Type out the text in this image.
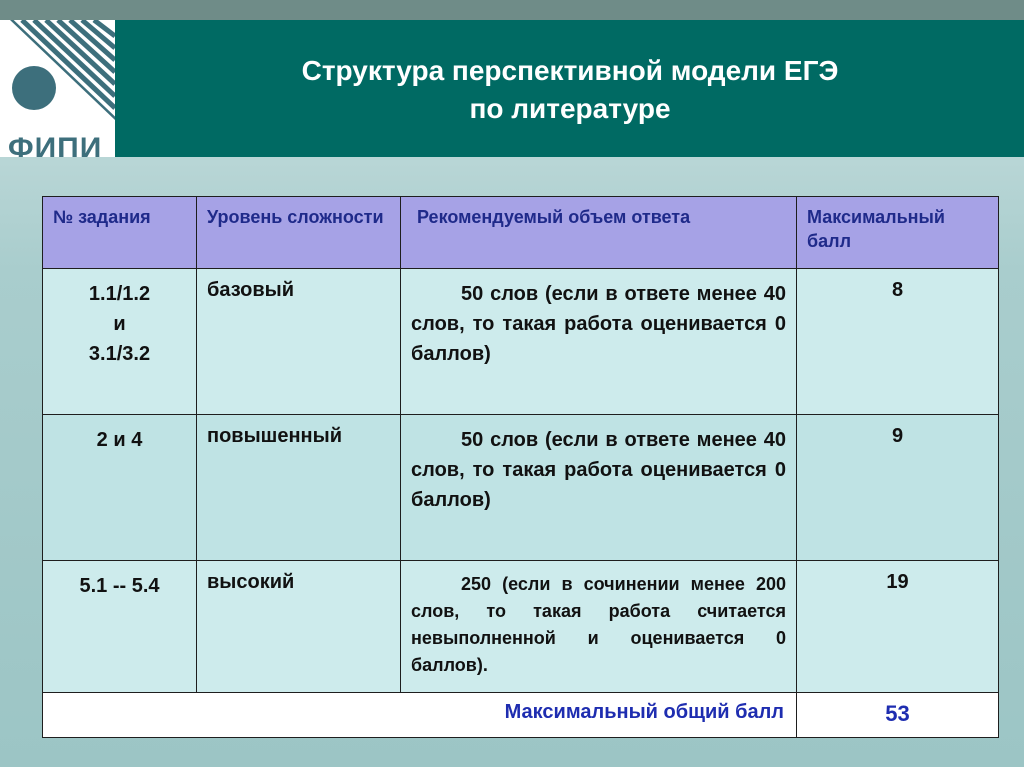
ФИПИ
Структура перспективной модели ЕГЭ
по литературе
№ задания	Уровень сложности	Рекомендуемый объем ответа	Максимальный балл

1.1/1.2
и
3.1/3.2	базовый	50 слов (если в ответе менее 40 слов, то такая работа оценивается 0 баллов)	8

2 и 4	повышенный	50 слов (если в ответе менее 40 слов, то такая работа оценивается 0 баллов)	9

5.1 -- 5.4	высокий	250 (если в сочинении менее 200 слов, то такая работа считается невыполненной и оценивается 0 баллов).	19
Максимальный общий балл			53
